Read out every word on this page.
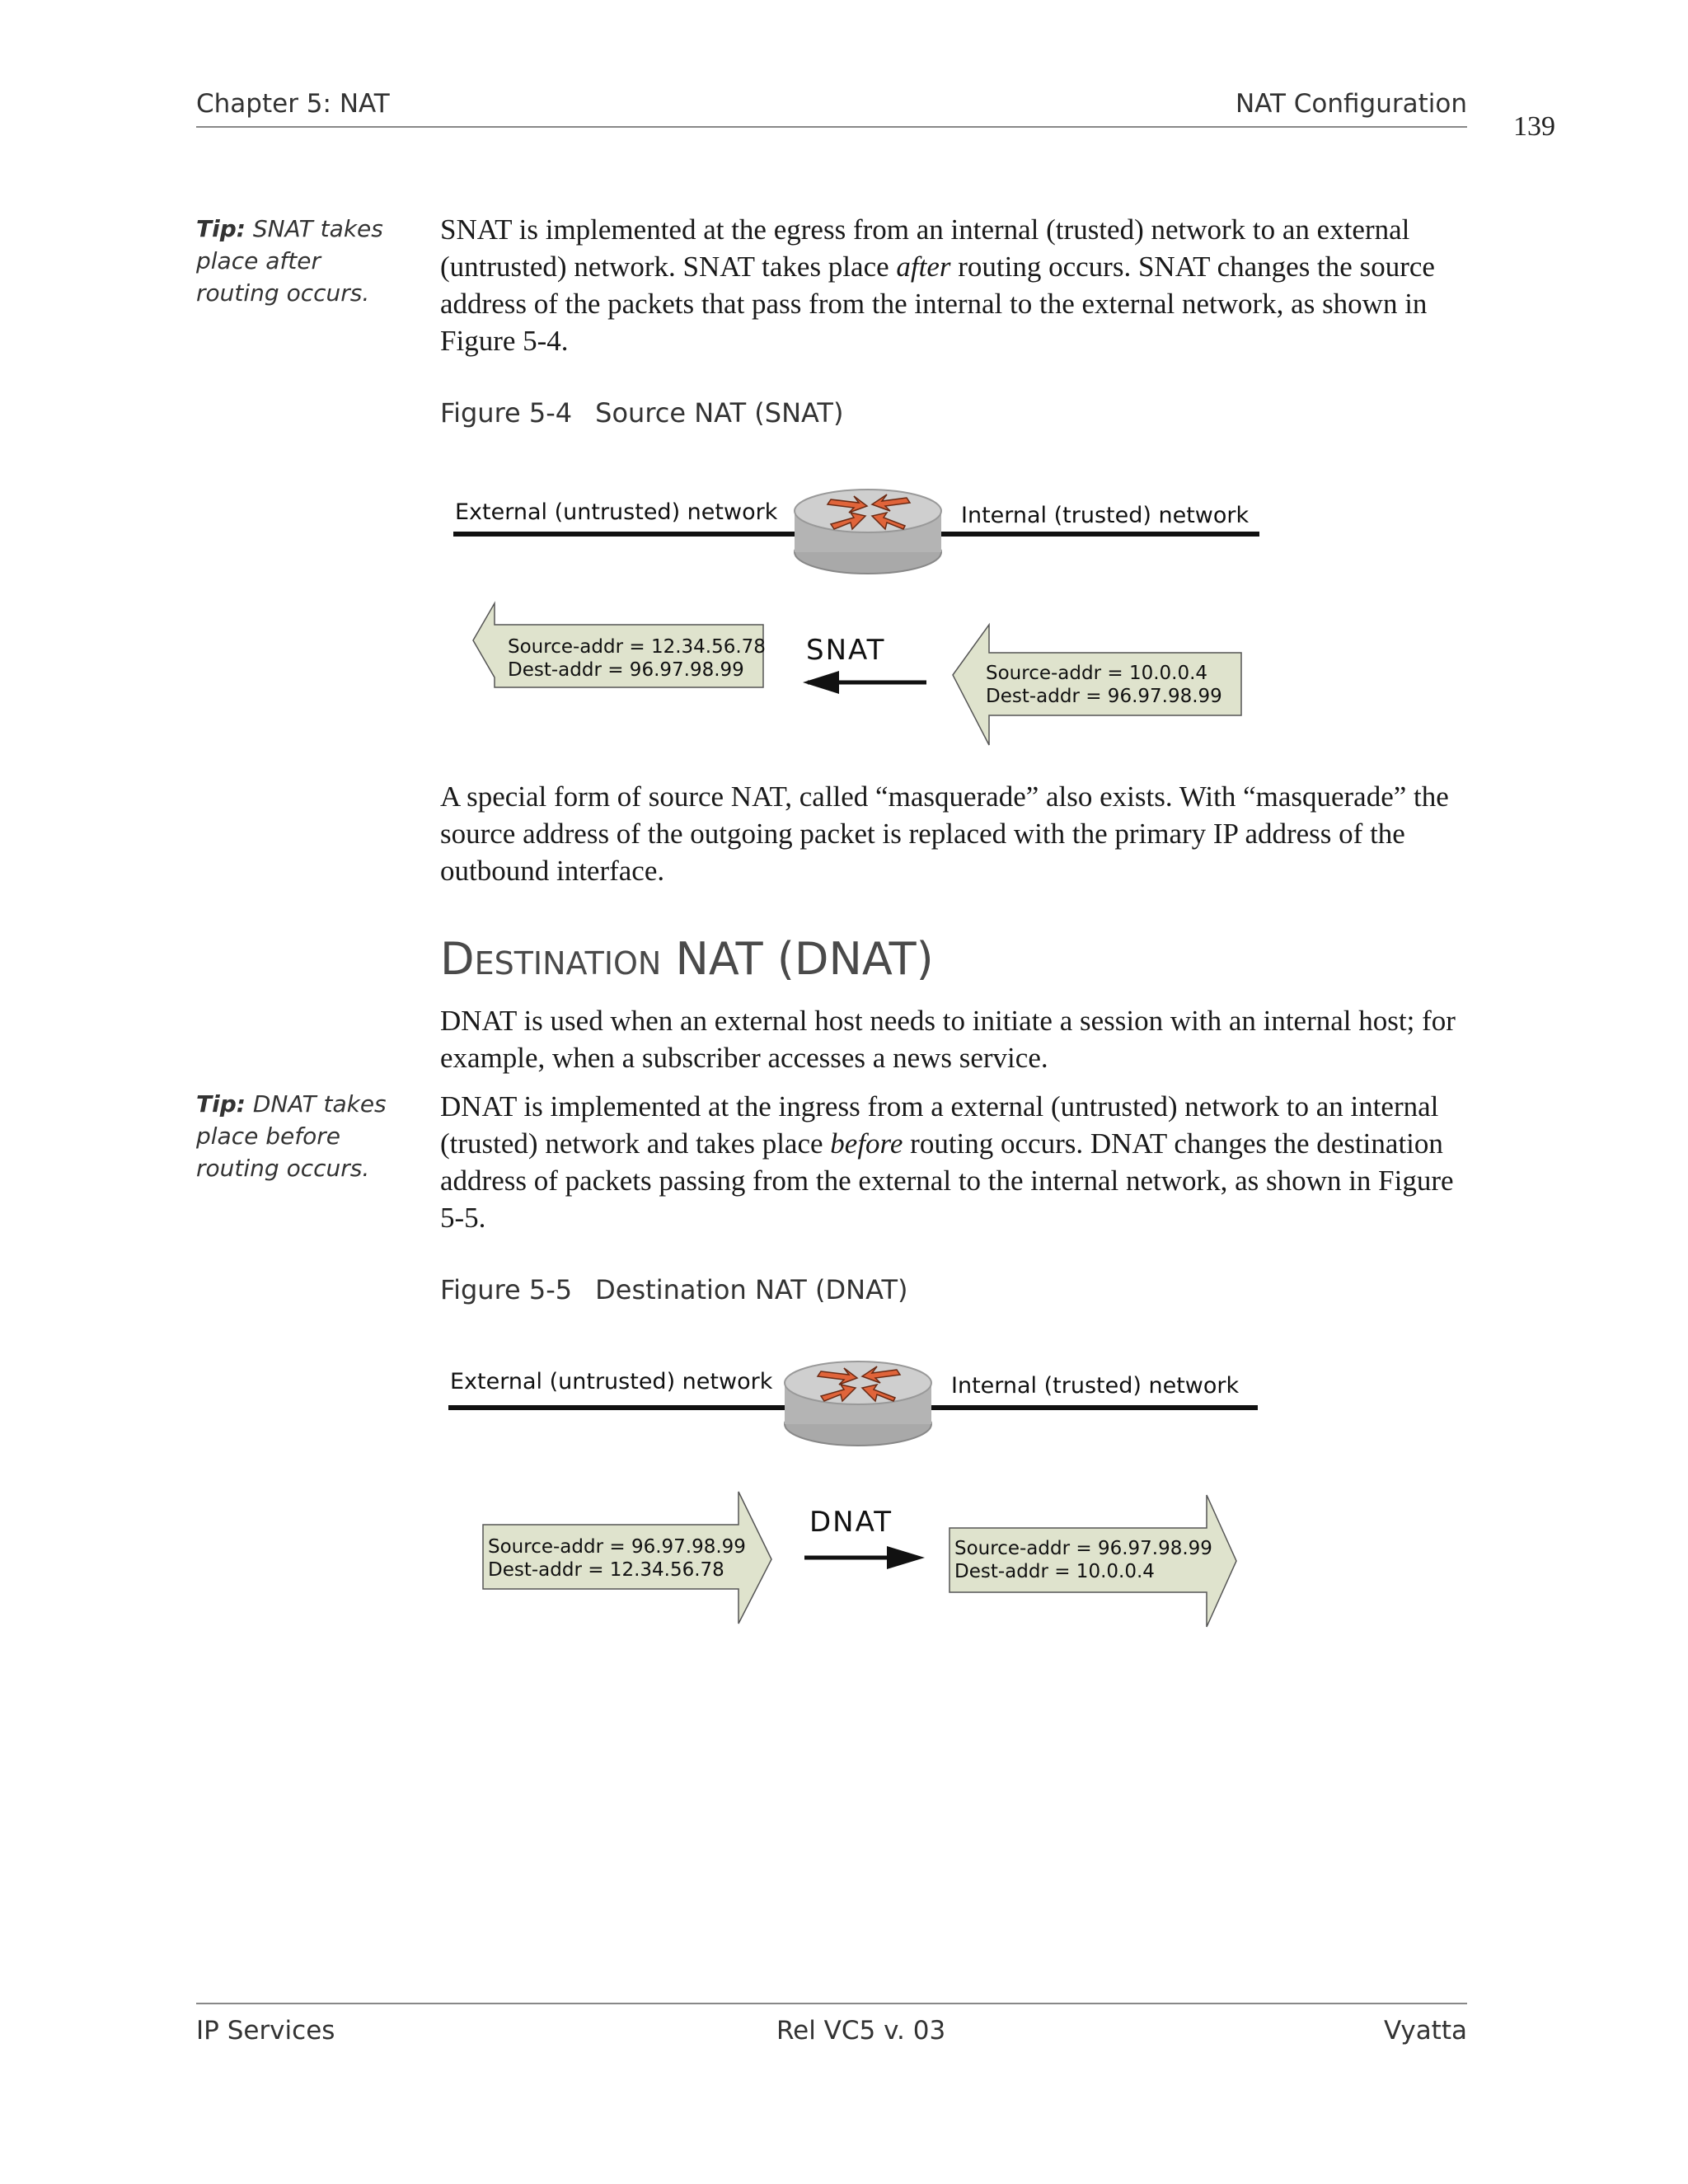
Chapter 5: NAT	NAT Configuration
139
Tip: SNAT takes place after routing occurs.
SNAT is implemented at the egress from an internal (trusted) network to an external (untrusted) network. SNAT takes place after routing occurs. SNAT changes the source address of the packets that pass from the internal to the external network, as shown in Figure 5-4.
Figure 5-4 Source NAT (SNAT)
External (untrusted) network	Internal (trusted) network
Source-addr = 12.34.56.78
Dest-addr = 96.97.98.99
SNAT
Source-addr = 10.0.0.4
Dest-addr = 96.97.98.99
A special form of source NAT, called “masquerade” also exists. With “masquerade” the source address of the outgoing packet is replaced with the primary IP address of the outbound interface.
Destination NAT (DNAT)
DNAT is used when an external host needs to initiate a session with an internal host; for example, when a subscriber accesses a news service.
Tip: DNAT takes place before routing occurs.
DNAT is implemented at the ingress from a external (untrusted) network to an internal (trusted) network and takes place before routing occurs. DNAT changes the destination address of packets passing from the external to the internal network, as shown in Figure 5-5.
Figure 5-5 Destination NAT (DNAT)
External (untrusted) network	Internal (trusted) network
Source-addr = 96.97.98.99
Dest-addr = 12.34.56.78
DNAT
Source-addr = 96.97.98.99
Dest-addr = 10.0.0.4
IP Services	Rel VC5 v. 03	Vyatta
